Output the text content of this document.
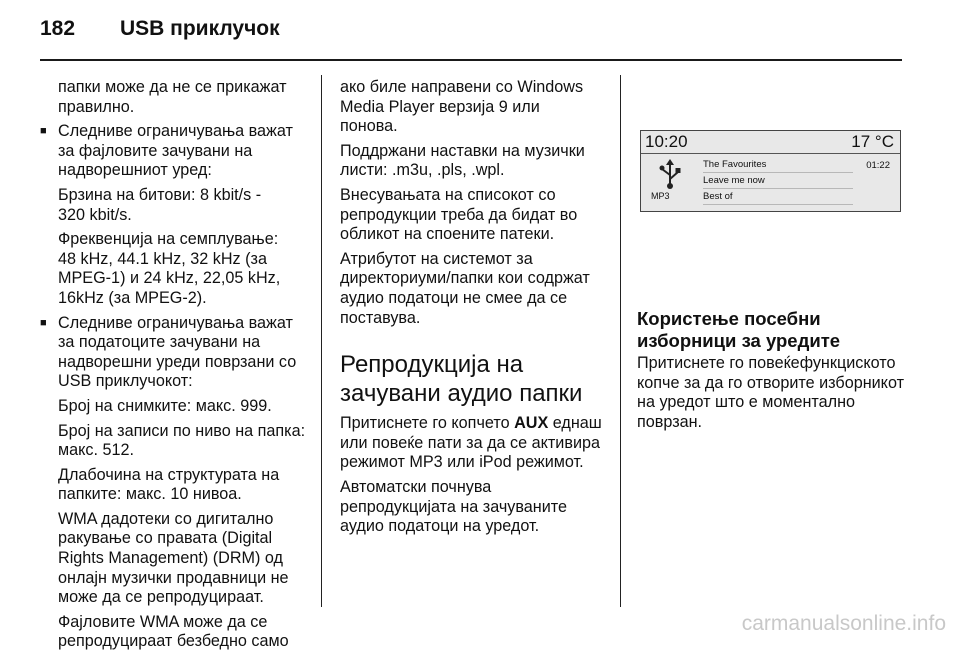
182 USB приклучок

папки може да не се прикажат
правилно.

■ Следниве ограничувања важат
за фајловите зачувани на
надворешниот уред:

Брзина на битови: 8 kbit/s -
320 kbit/s.

Фреквенција на семплување:
48 kHz, 44.1 kHz, 32 kHz (за
MPEG-1) и 24 kHz, 22,05 kHz,
16kHz (за MPEG-2).

■ Следниве ограничувања важат
за податоците зачувани на
надворешни уреди поврзани со
USB приклучокот:

Број на снимките: макс. 999.

Број на записи по ниво на папка:
макс. 512.

Длабочина на структурата на
папките: макс. 10 нивоа.

WMA дадотеки со дигитално
ракување со правата (Digital
Rights Management) (DRM) од
онлајн музички продавници не
може да се репродуцираат.

Фајловите WMA може да се
репродуцираат безбедно само

ако биле направени со Windows
Media Player верзија 9 или
понова.

Поддржани наставки на музички
листи: .m3u, .pls, .wpl.

Внесувањата на списокот со
репродукции треба да бидат во
обликот на споените патеки.

Атрибутот на системот за
директориуми/папки кои содржат
аудио податоци не смее да се
поставува.

Репродукција на
зачувани аудио папки

Притиснете го копчето AUX еднаш
или повеќе пати за да се активира
режимот MP3 или iPod режимот.

Автоматски почнува
репродукцијата на зачуваните
аудио податоци на уредот.

10:20	17 °C
MP3
The Favourites
Leave me now
Best of
01:22
Користење посебни
изборници за уредите

Притиснете го повеќефункциското
копче за да го отворите изборникот
на уредот што е моментално
поврзан.

carmanualsonline.info
